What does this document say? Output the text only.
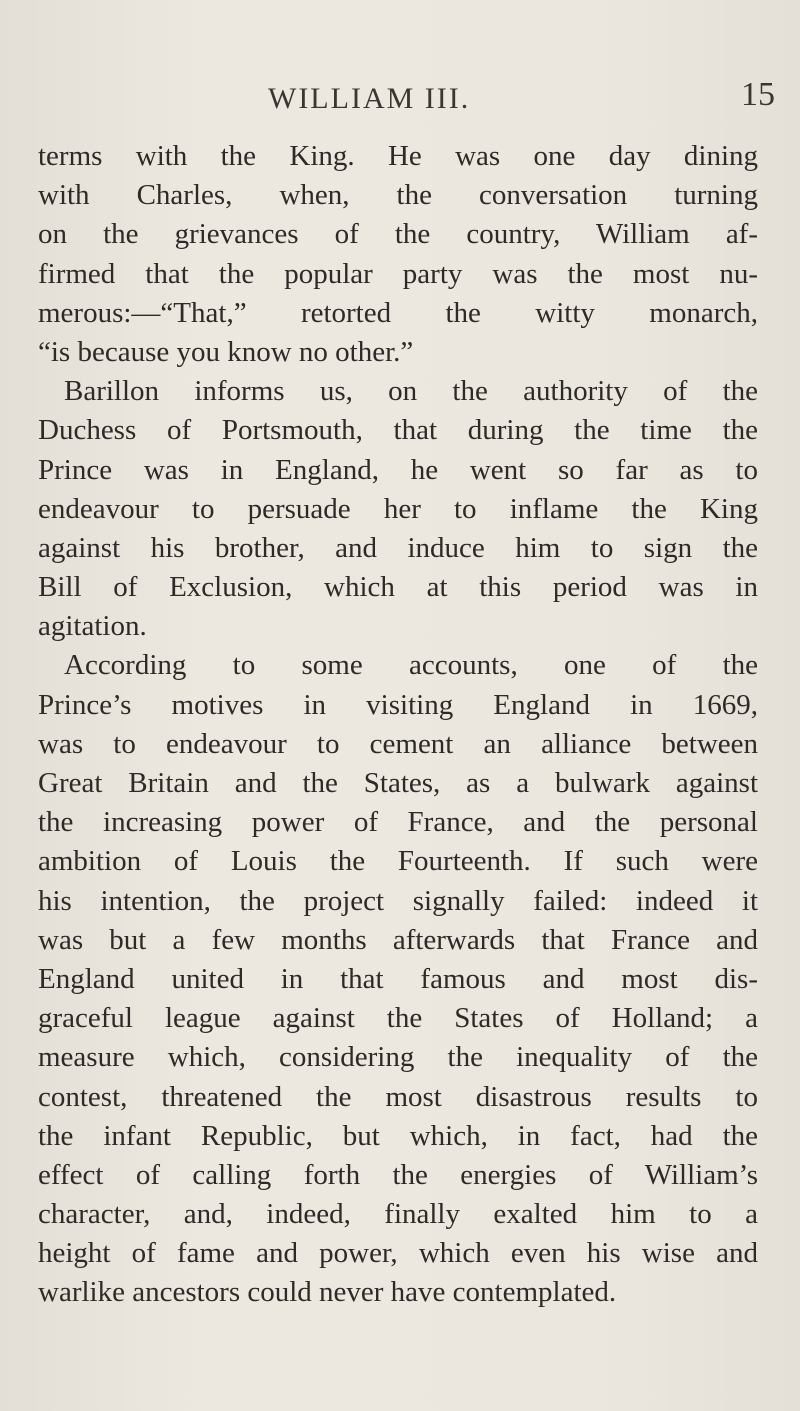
WILLIAM III.	15
terms with the King. He was one day dining
with Charles, when, the conversation turning
on the grievances of the country, William af-
firmed that the popular party was the most nu-
merous:—“That,” retorted the witty monarch,
“is because you know no other.”
Barillon informs us, on the authority of the
Duchess of Portsmouth, that during the time the
Prince was in England, he went so far as to
endeavour to persuade her to inflame the King
against his brother, and induce him to sign the
Bill of Exclusion, which at this period was in
agitation.
According to some accounts, one of the
Prince’s motives in visiting England in 1669,
was to endeavour to cement an alliance between
Great Britain and the States, as a bulwark against
the increasing power of France, and the personal
ambition of Louis the Fourteenth. If such were
his intention, the project signally failed: indeed it
was but a few months afterwards that France and
England united in that famous and most dis-
graceful league against the States of Holland; a
measure which, considering the inequality of the
contest, threatened the most disastrous results to
the infant Republic, but which, in fact, had the
effect of calling forth the energies of William’s
character, and, indeed, finally exalted him to a
height of fame and power, which even his wise and
warlike ancestors could never have contemplated.
